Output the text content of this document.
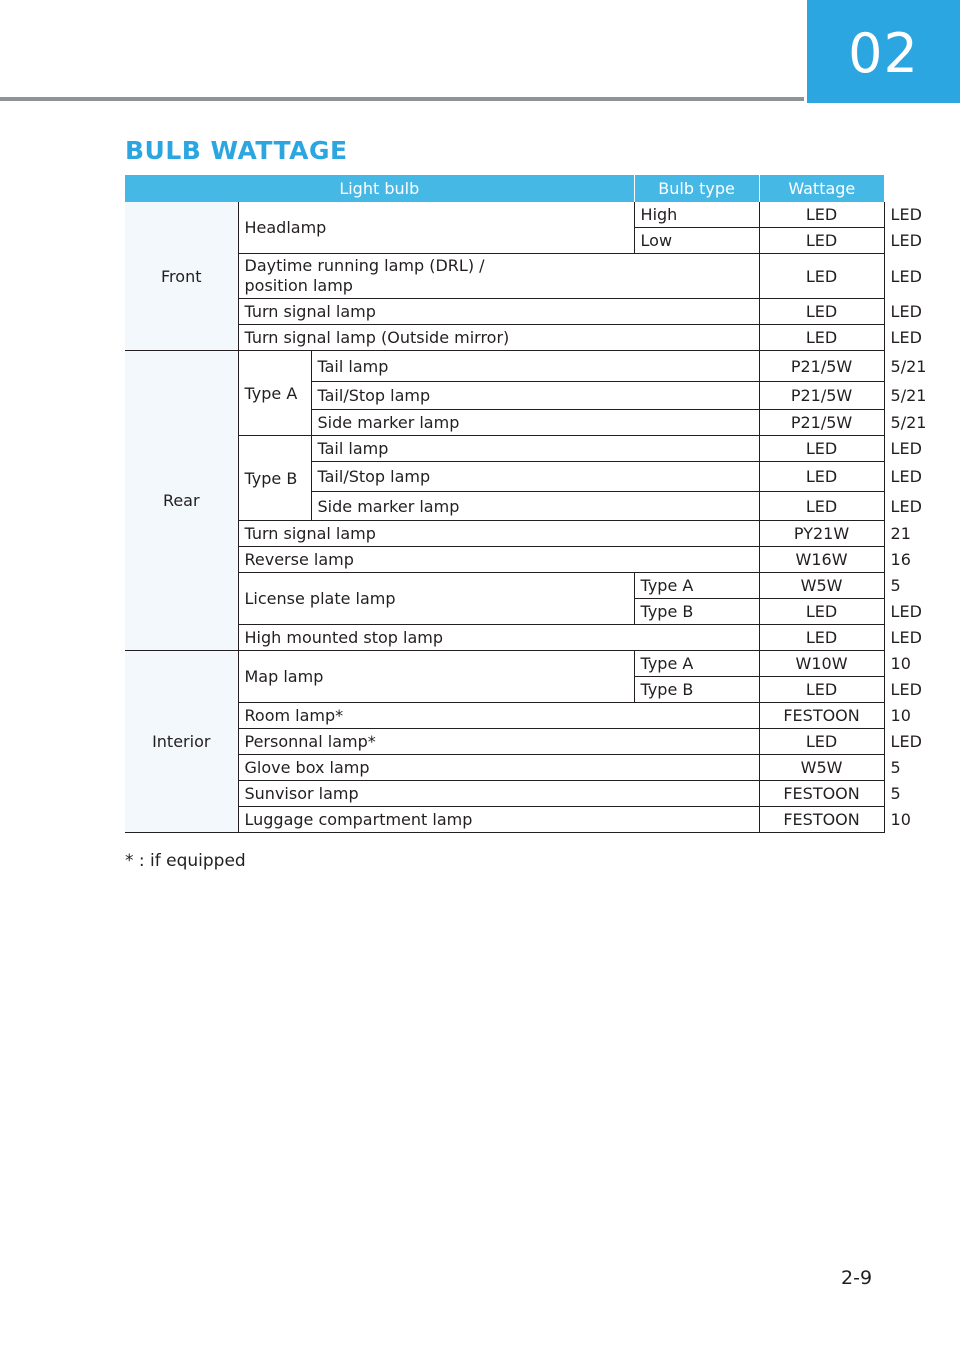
02
BULB WATTAGE
Light bulb			Bulb type	Wattage	
Front	Headlamp		High	LED	LED
			Low	LED	LED
	Daytime running lamp (DRL) /
position lamp			LED	LED
	Turn signal lamp			LED	LED
	Turn signal lamp (Outside mirror)			LED	LED
Rear	Type A	Tail lamp		P21/5W	5/21
		Tail/Stop lamp		P21/5W	5/21
		Side marker lamp		P21/5W	5/21
	Type B	Tail lamp		LED	LED
		Tail/Stop lamp		LED	LED
		Side marker lamp		LED	LED
	Turn signal lamp			PY21W	21
	Reverse lamp			W16W	16
	License plate lamp		Type A	W5W	5
			Type B	LED	LED
	High mounted stop lamp			LED	LED
Interior	Map lamp		Type A	W10W	10
			Type B	LED	LED
	Room lamp*			FESTOON	10
	Personnal lamp*			LED	LED
	Glove box lamp			W5W	5
	Sunvisor lamp			FESTOON	5
	Luggage compartment lamp			FESTOON	10
* : if equipped
2-9
